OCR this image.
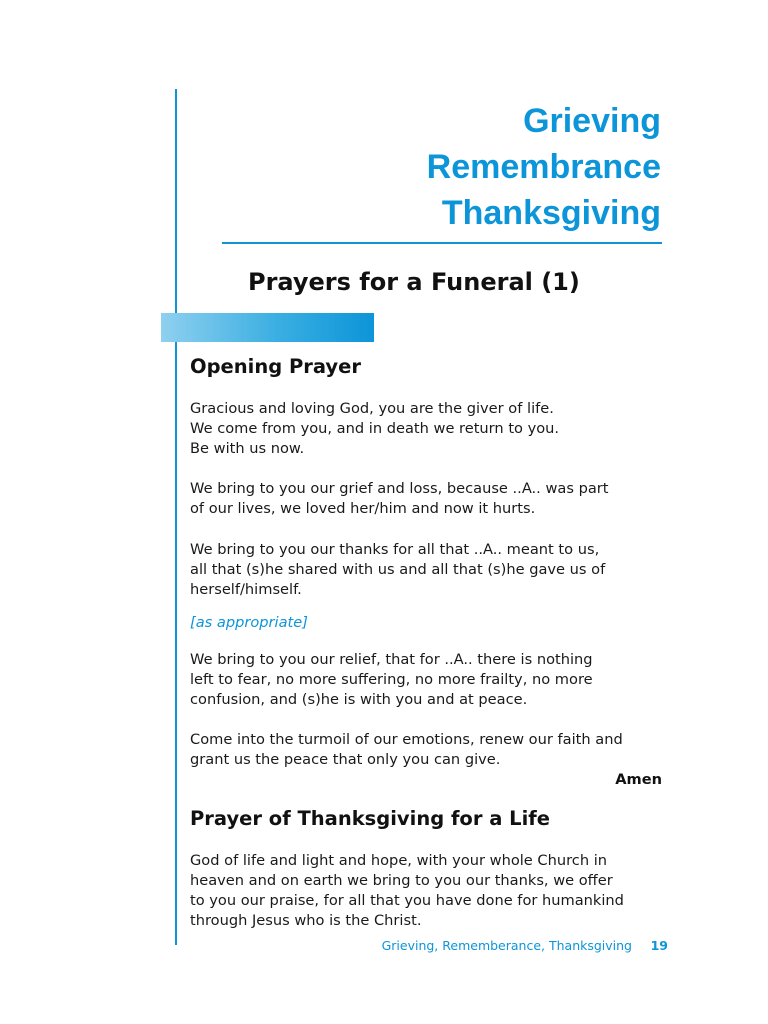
Grieving
Remembrance
Thanksgiving
Prayers for a Funeral (1)
Opening Prayer
Gracious and loving God, you are the giver of life.
We come from you, and in death we return to you.
Be with us now.
We bring to you our grief and loss, because ..A.. was part
of our lives, we loved her/him and now it hurts.
We bring to you our thanks for all that ..A.. meant to us,
all that (s)he shared with us and all that (s)he gave us of
herself/himself.
[as appropriate]
We bring to you our relief, that for ..A.. there is nothing
left to fear, no more suffering, no more frailty, no more
confusion, and (s)he is with you and at peace.
Come into the turmoil of our emotions, renew our faith and
grant us the peace that only you can give.
Amen
Prayer of Thanksgiving for a Life
God of life and light and hope, with your whole Church in
heaven and on earth we bring to you our thanks, we offer
to you our praise, for all that you have done for humankind
through Jesus who is the Christ.
Grieving, Rememberance, Thanksgiving 19
